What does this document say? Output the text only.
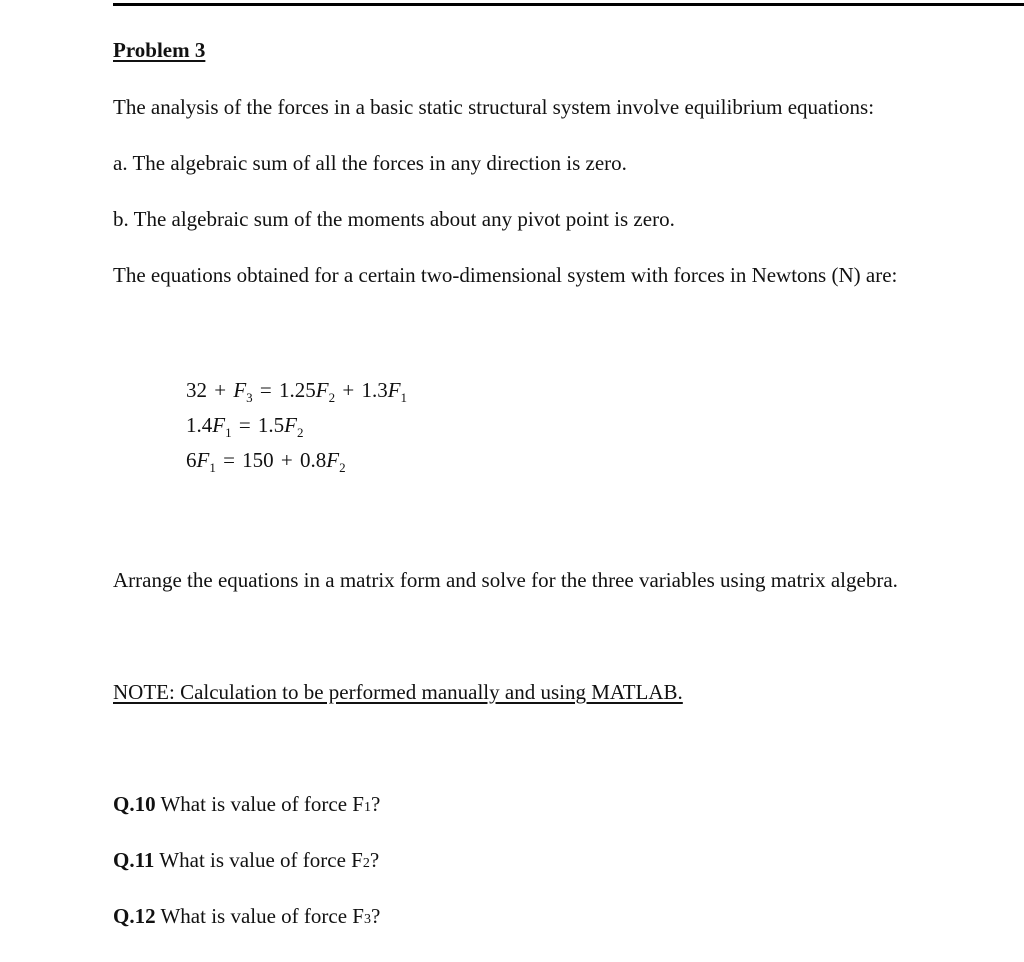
Problem 3
The analysis of the forces in a basic static structural system involve equilibrium equations:
a. The algebraic sum of all the forces in any direction is zero.
b. The algebraic sum of the moments about any pivot point is zero.
The equations obtained for a certain two-dimensional system with forces in Newtons (N) are:
$32 + F_3 = 1.25F_2 + 1.3F_1$
$1.4F_1 = 1.5F_2$
$6F_1 = 150 + 0.8F_2$
Arrange the equations in a matrix form and solve for the three variables using matrix algebra.
NOTE: Calculation to be performed manually and using MATLAB.
Q.10 What is value of force F1?
Q.11 What is value of force F2?
Q.12 What is value of force F3?
